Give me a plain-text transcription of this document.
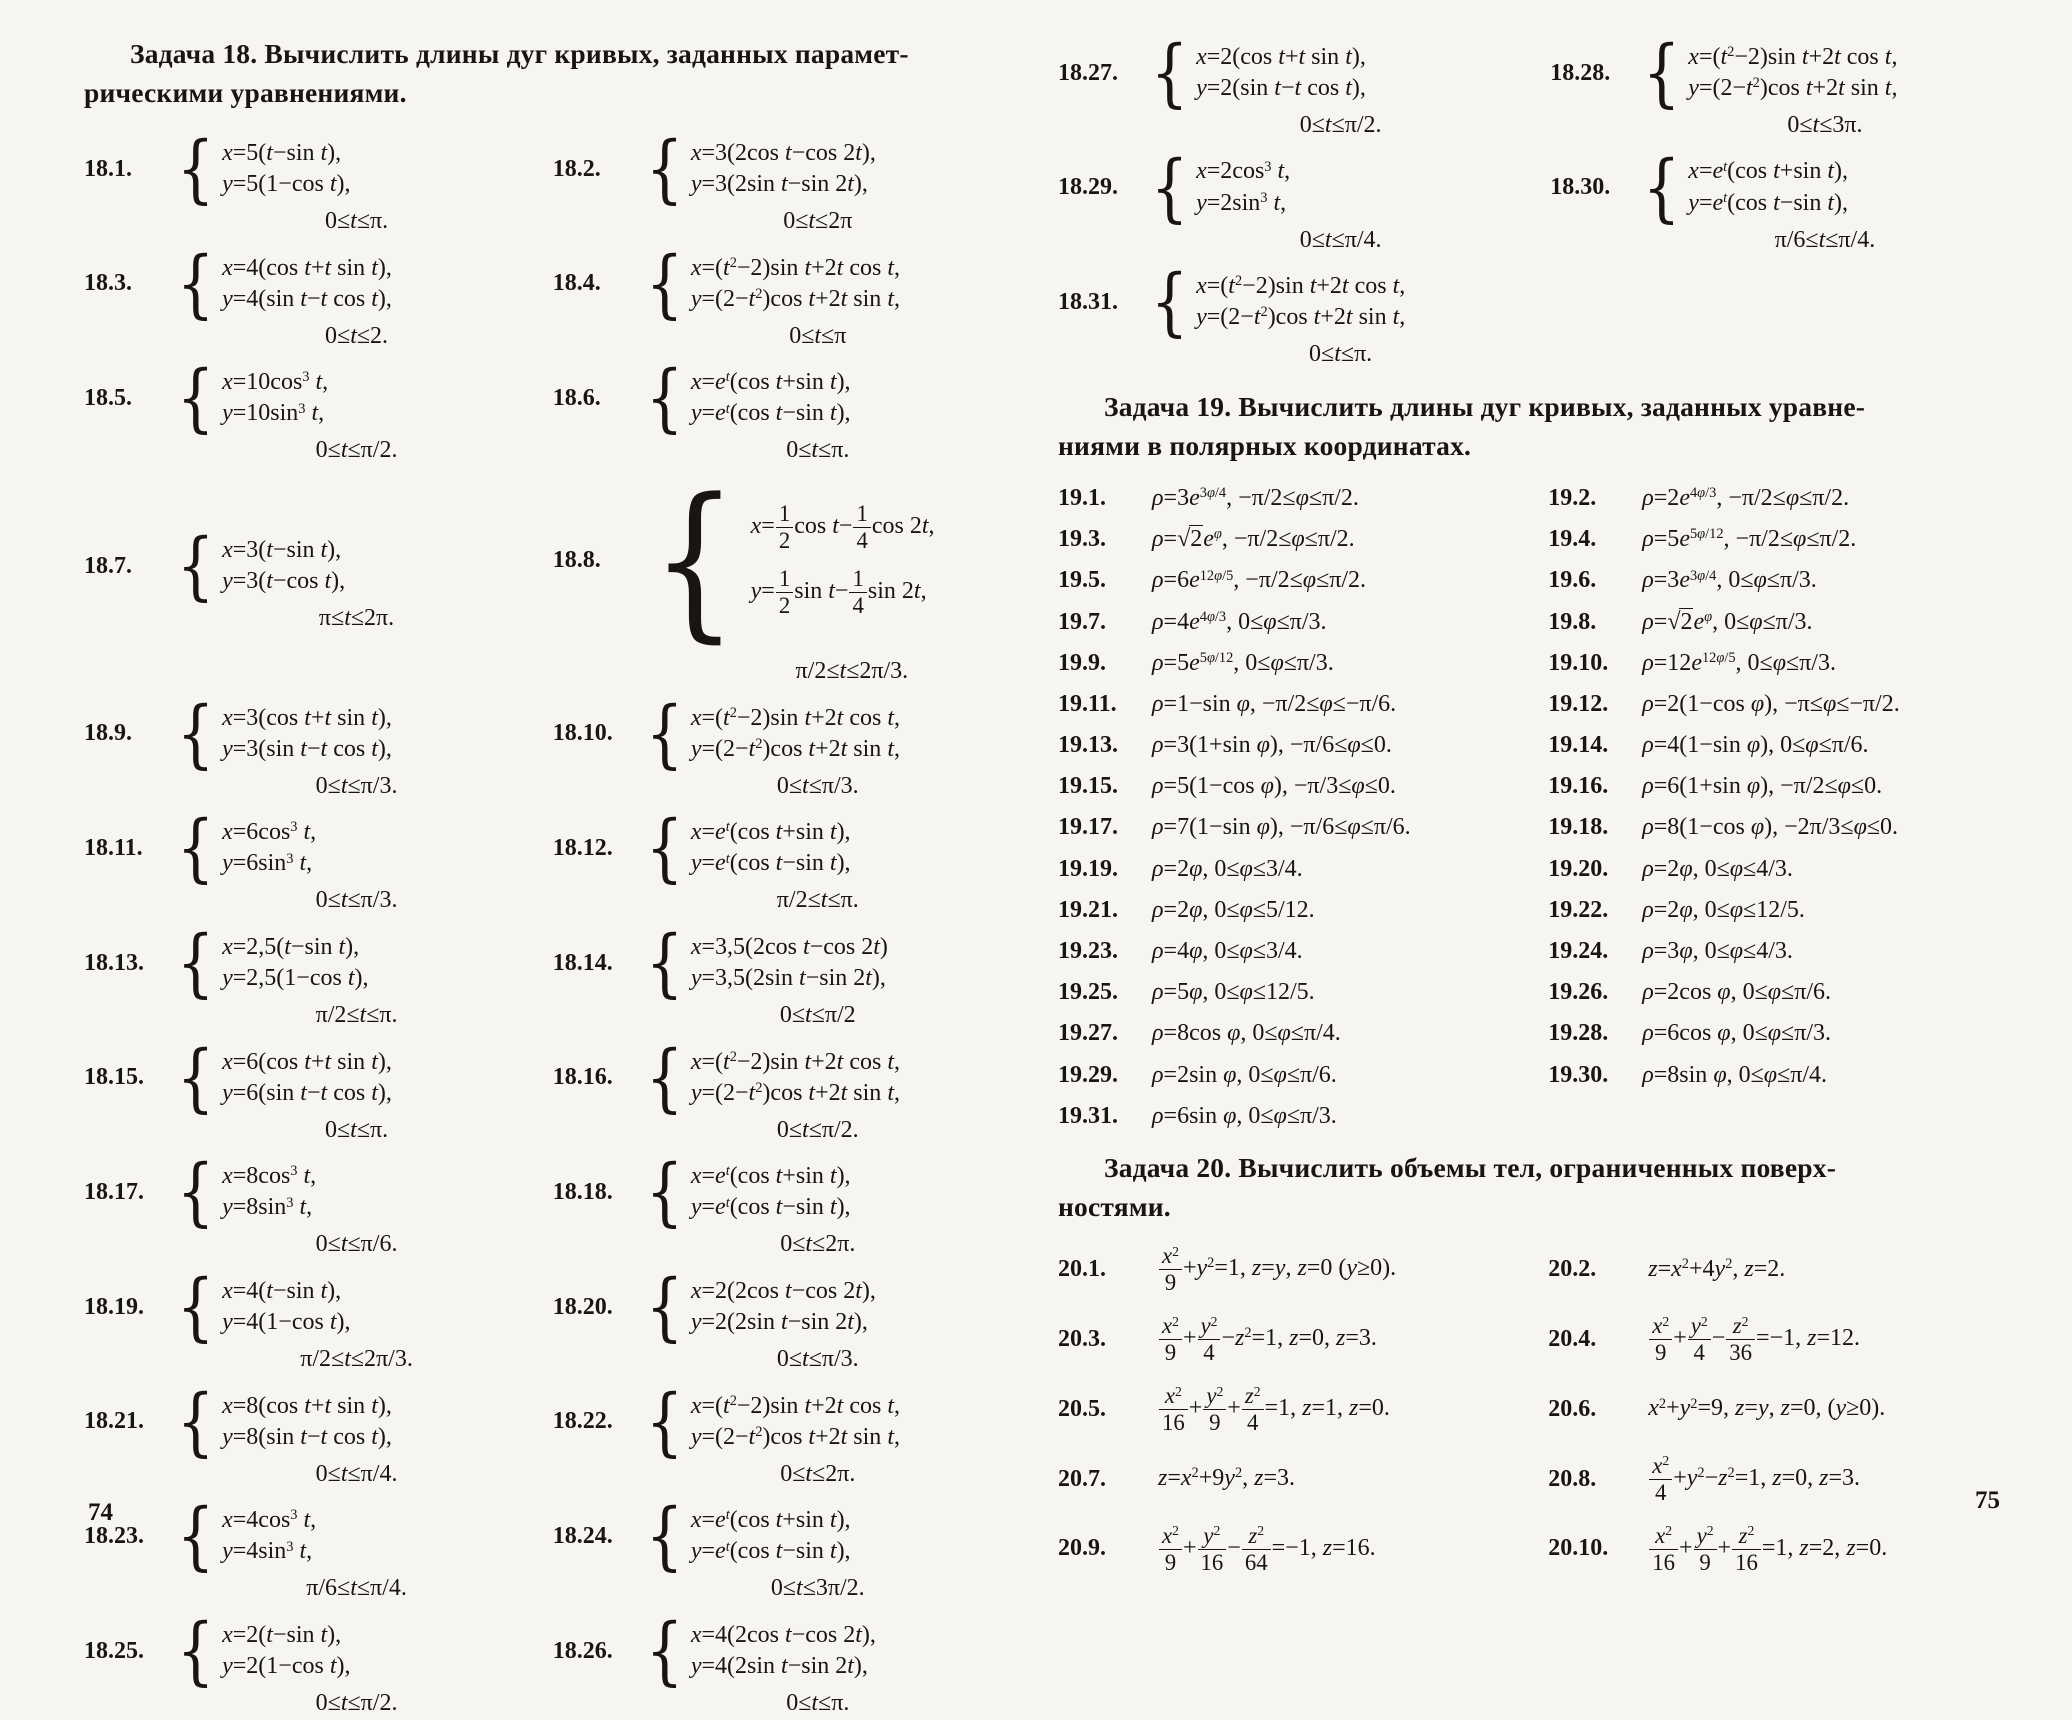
Задача 18. Вычислить длины дуг кривых, заданных парамет-
рическими уравнениями.

18.1. { x=5(t−sin t),
y=5(1−cos t),
0≤t≤π.
18.2. { x=3(2cos t−cos 2t),
y=3(2sin t−sin 2t),
0≤t≤2π
18.3. { x=4(cos t+t sin t),
y=4(sin t−t cos t),
0≤t≤2.
18.4. { $x=(t^2-2)\sin$ t+2t cos t,
$y=(2-t^2)\cos$ t+2t sin t,
0≤t≤π
18.5. { $x=10\cos^3$ t,
$y=10\sin^3$ t,
0≤t≤π/2.
18.6. { $x=e^t(\cos$ t+sin t),
$y=e^t(\cos$ t−sin t),
0≤t≤π.
18.7. { x=3(t−sin t),
y=3(t−cos t),
π≤t≤2π.
18.8. { $x= \frac{1}{2}$ $\cos t- \frac{1}{4}$ cos 2t,
$y= \frac{1}{2}$ $\sin t- \frac{1}{4}$ sin 2t,
π/2≤t≤2π/3.
18.9. { x=3(cos t+t sin t),
y=3(sin t−t cos t),
0≤t≤π/3.
18.10. { $x=(t^2-2)\sin$ t+2t cos t,
$y=(2-t^2)\cos$ t+2t sin t,
0≤t≤π/3.
18.11. { $x=6\cos^3$ t,
$y=6\sin^3$ t,
0≤t≤π/3.
18.12. { $x=e^t(\cos$ t+sin t),
$y=e^t(\cos$ t−sin t),
π/2≤t≤π.
18.13. { x=2,5(t−sin t),
y=2,5(1−cos t),
π/2≤t≤π.
18.14. { x=3,5(2cos t−cos 2t)
y=3,5(2sin t−sin 2t),
0≤t≤π/2
18.15. { x=6(cos t+t sin t),
y=6(sin t−t cos t),
0≤t≤π.
18.16. { $x=(t^2-2)\sin$ t+2t cos t,
$y=(2-t^2)\cos$ t+2t sin t,
0≤t≤π/2.
18.17. { $x=8\cos^3$ t,
$y=8\sin^3$ t,
0≤t≤π/6.
18.18. { $x=e^t(\cos$ t+sin t),
$y=e^t(\cos$ t−sin t),
0≤t≤2π.
18.19. { x=4(t−sin t),
y=4(1−cos t),
π/2≤t≤2π/3.
18.20. { x=2(2cos t−cos 2t),
y=2(2sin t−sin 2t),
0≤t≤π/3.
18.21. { x=8(cos t+t sin t),
y=8(sin t−t cos t),
0≤t≤π/4.
18.22. { $x=(t^2-2)\sin$ t+2t cos t,
$y=(2-t^2)\cos$ t+2t sin t,
0≤t≤2π.
18.23. { $x=4\cos^3$ t,
$y=4\sin^3$ t,
π/6≤t≤π/4.
18.24. { $x=e^t(\cos$ t+sin t),
$y=e^t(\cos$ t−sin t),
0≤t≤3π/2.
18.25. { x=2(t−sin t),
y=2(1−cos t),
0≤t≤π/2.
18.26. { x=4(2cos t−cos 2t),
y=4(2sin t−sin 2t),
0≤t≤π.
74
18.27. { x=2(cos t+t sin t),
y=2(sin t−t cos t),
0≤t≤π/2.
18.28. { $x=(t^2-2)\sin$ t+2t cos t,
$y=(2-t^2)\cos$ t+2t sin t,
0≤t≤3π.
18.29. { $x=2\cos^3$ t,
$y=2\sin^3$ t,
0≤t≤π/4.
18.30. { $x=e^t(\cos$ t+sin t),
$y=e^t(\cos$ t−sin t),
π/6≤t≤π/4.
18.31. { $x=(t^2-2)\sin$ t+2t cos t,
$y=(2-t^2)\cos$ t+2t sin t,
0≤t≤π.

Задача 19. Вычислить длины дуг кривых, заданных уравне-
ниями в полярных координатах.

19.1. $\rho=3e^{3\varphi/4}$, −π/2≤φ≤π/2.	19.2. $\rho=2e^{4\varphi/3}$, −π/2≤φ≤π/2.
19.3. $\rho=√2e^\varphi$, −π/2≤φ≤π/2.	19.4. $\rho=5e^{5\varphi/12}$, −π/2≤φ≤π/2.
19.5. $\rho=6e^{12\varphi/5}$, −π/2≤φ≤π/2.	19.6. $\rho=3e^{3\varphi/4}$, 0≤φ≤π/3.
19.7. $\rho=4e^{4\varphi/3}$, 0≤φ≤π/3.	19.8. $\rho=√2e^\varphi$, 0≤φ≤π/3.
19.9. $\rho=5e^{5\varphi/12}$, 0≤φ≤π/3.	19.10. $\rho=12e^{12\varphi/5}$, 0≤φ≤π/3.
19.11. ρ=1−sin φ, −π/2≤φ≤−π/6.	19.12. ρ=2(1−cos φ), −π≤φ≤−π/2.
19.13. ρ=3(1+sin φ), −π/6≤φ≤0.	19.14. ρ=4(1−sin φ), 0≤φ≤π/6.
19.15. ρ=5(1−cos φ), −π/3≤φ≤0.	19.16. ρ=6(1+sin φ), −π/2≤φ≤0.
19.17. ρ=7(1−sin φ), −π/6≤φ≤π/6.	19.18. ρ=8(1−cos φ), −2π/3≤φ≤0.
19.19. ρ=2φ, 0≤φ≤3/4.	19.20. ρ=2φ, 0≤φ≤4/3.
19.21. ρ=2φ, 0≤φ≤5/12.	19.22. ρ=2φ, 0≤φ≤12/5.
19.23. ρ=4φ, 0≤φ≤3/4.	19.24. ρ=3φ, 0≤φ≤4/3.
19.25. ρ=5φ, 0≤φ≤12/5.	19.26. ρ=2cos φ, 0≤φ≤π/6.
19.27. ρ=8cos φ, 0≤φ≤π/4.	19.28. ρ=6cos φ, 0≤φ≤π/3.
19.29. ρ=2sin φ, 0≤φ≤π/6.	19.30. ρ=8sin φ, 0≤φ≤π/4.
19.31. ρ=6sin φ, 0≤φ≤π/3.

Задача 20. Вычислить объемы тел, ограниченных поверх-
ностями.

20.1. $\frac{x^2}{9} +y^2=1$, z=y, z=0 (y≥0).	20.2. $z=x^2+4y^2$, z=2.
20.3. $\frac{x^2}{9} + \frac{y^2}{4} -z^2=1$, z=0, z=3.	20.4. $\frac{x^2}{9} + \frac{y^2}{4} - \frac{z^2}{36} =-1$, z=12.
20.5. $\frac{x^2}{16} + \frac{y^2}{9} + \frac{z^2}{4} =1$, z=1, z=0.	20.6. $x^2+y^2=9$, z=y, z=0, (y≥0).
20.7. $z=x^2+9y^2$, z=3.	20.8. $\frac{x^2}{4} +y^2-z^2=1$, z=0, z=3.
20.9. $\frac{x^2}{9} + \frac{y^2}{16} - \frac{z^2}{64} =-1$, z=16.	20.10. $\frac{x^2}{16} + \frac{y^2}{9} + \frac{z^2}{16} =1$, z=2, z=0.
75
